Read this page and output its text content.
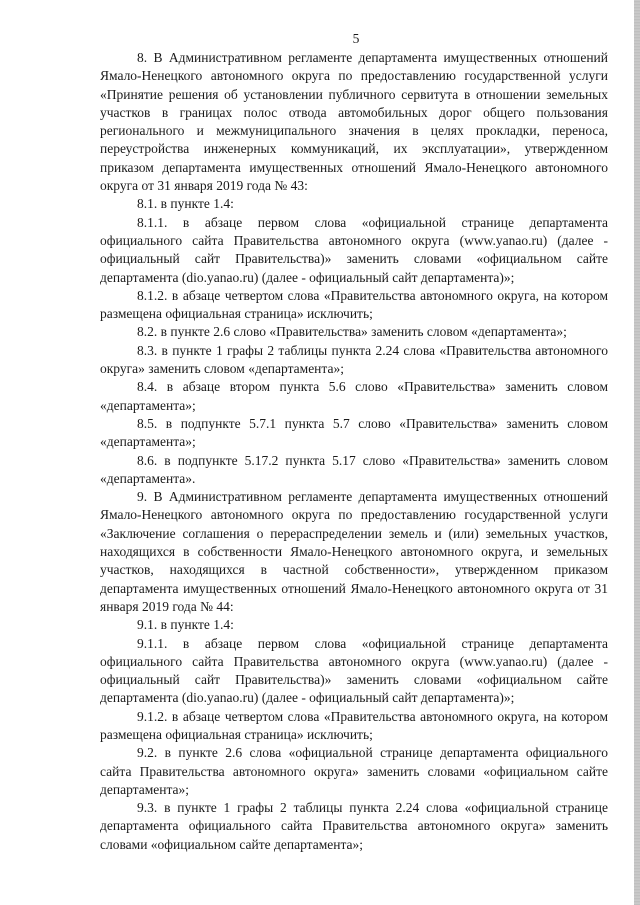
5

8. В Административном регламенте департамента имущественных отношений Ямало-Ненецкого автономного округа по предоставлению государственной услуги «Принятие решения об установлении публичного сервитута в отношении земельных участков в границах полос отвода автомобильных дорог общего пользования регионального и межмуниципального значения в целях прокладки, переноса, переустройства инженерных коммуникаций, их эксплуатации», утвержденном приказом департамента имущественных отношений Ямало-Ненецкого автономного округа от 31 января 2019 года № 43:

8.1. в пункте 1.4:

8.1.1. в абзаце первом слова «официальной странице департамента официального сайта Правительства автономного округа (www.yanao.ru) (далее - официальный сайт Правительства)» заменить словами «официальном сайте департамента (dio.yanao.ru) (далее - официальный сайт департамента)»;

8.1.2. в абзаце четвертом слова «Правительства автономного округа, на котором размещена официальная страница» исключить;

8.2. в пункте 2.6 слово «Правительства» заменить словом «департамента»;

8.3. в пункте 1 графы 2 таблицы пункта 2.24 слова «Правительства автономного округа» заменить словом «департамента»;

8.4. в абзаце втором пункта 5.6 слово «Правительства» заменить словом «департамента»;

8.5. в подпункте 5.7.1 пункта 5.7 слово «Правительства» заменить словом «департамента»;

8.6. в подпункте 5.17.2 пункта 5.17 слово «Правительства» заменить словом «департамента».

9. В Административном регламенте департамента имущественных отношений Ямало-Ненецкого автономного округа по предоставлению государственной услуги «Заключение соглашения о перераспределении земель и (или) земельных участков, находящихся в собственности Ямало-Ненецкого автономного округа, и земельных участков, находящихся в частной собственности», утвержденном приказом департамента имущественных отношений Ямало-Ненецкого автономного округа от 31 января 2019 года № 44:

9.1. в пункте 1.4:

9.1.1. в абзаце первом слова «официальной странице департамента официального сайта Правительства автономного округа (www.yanao.ru) (далее - официальный сайт Правительства)» заменить словами «официальном сайте департамента (dio.yanao.ru) (далее - официальный сайт департамента)»;

9.1.2. в абзаце четвертом слова «Правительства автономного округа, на котором размещена официальная страница» исключить;

9.2. в пункте 2.6 слова «официальной странице департамента официального сайта Правительства автономного округа» заменить словами «официальном сайте департамента»;

9.3. в пункте 1 графы 2 таблицы пункта 2.24 слова «официальной странице департамента официального сайта Правительства автономного округа» заменить словами «официальном сайте департамента»;
